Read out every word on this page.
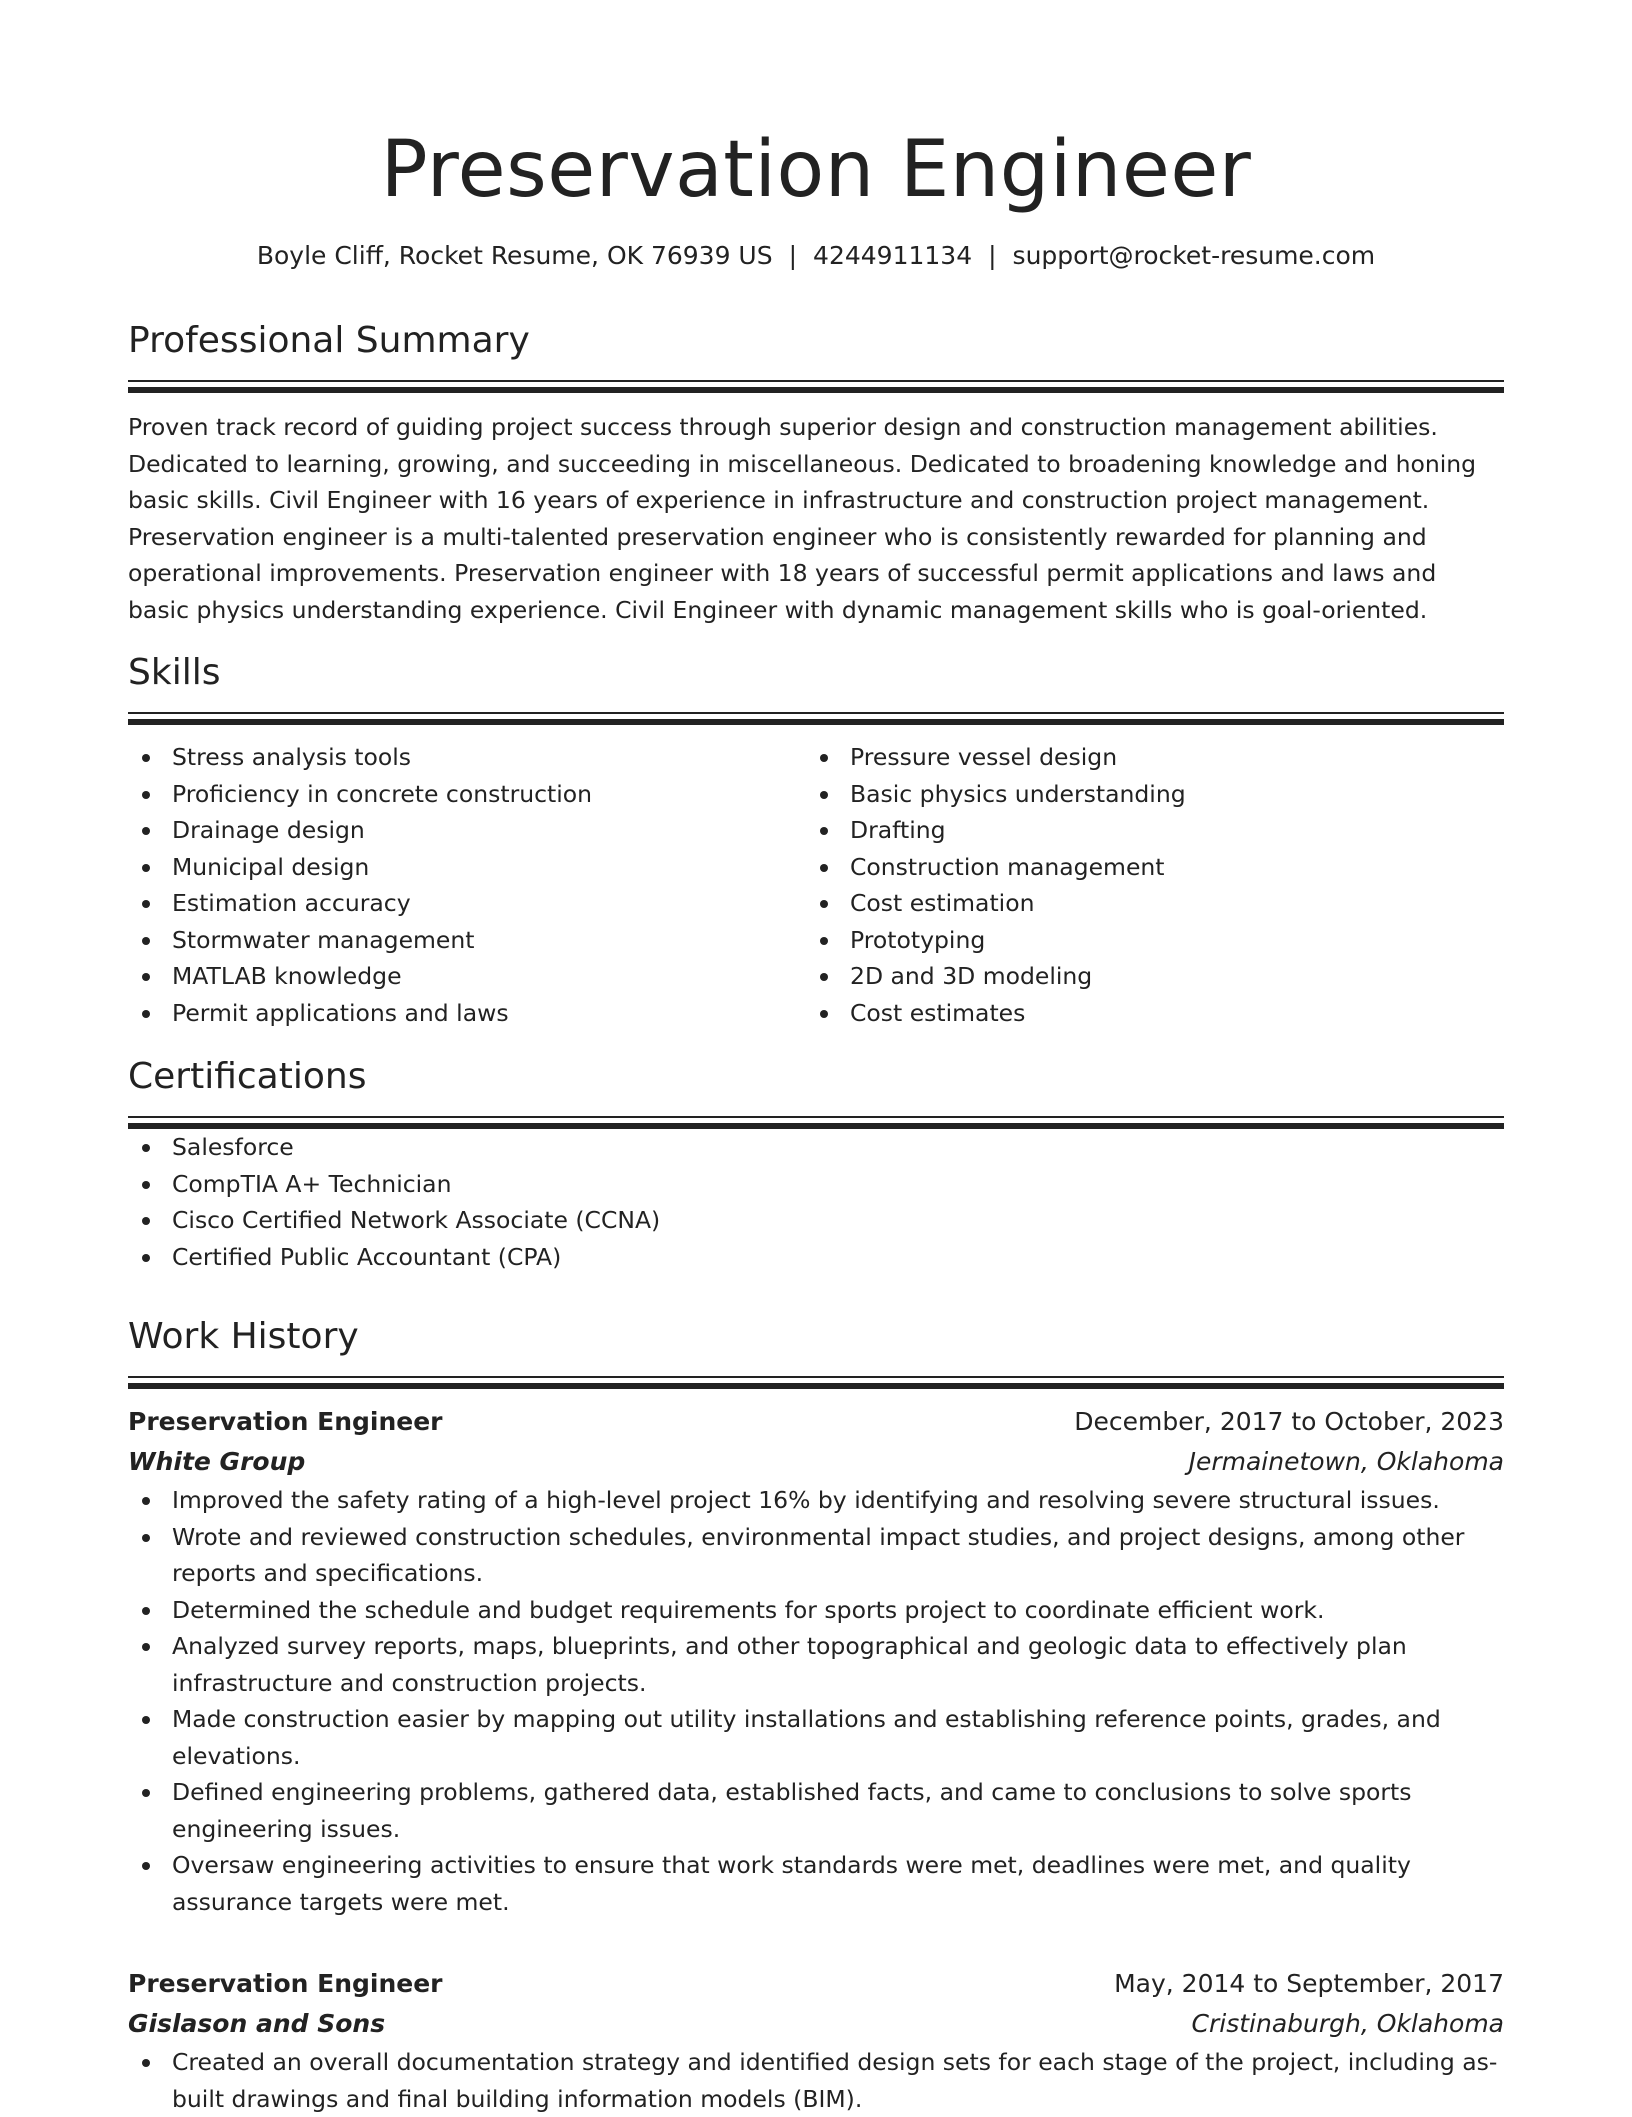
Preservation Engineer
Boyle Cliff, Rocket Resume, OK 76939 US | 4244911134 | support@rocket-resume.com
Professional Summary
Proven track record of guiding project success through superior design and construction management abilities. Dedicated to learning, growing, and succeeding in miscellaneous. Dedicated to broadening knowledge and honing basic skills. Civil Engineer with 16 years of experience in infrastructure and construction project management. Preservation engineer is a multi-talented preservation engineer who is consistently rewarded for planning and operational improvements. Preservation engineer with 18 years of successful permit applications and laws and basic physics understanding experience. Civil Engineer with dynamic management skills who is goal-oriented.
Skills
Stress analysis tools
Proficiency in concrete construction
Drainage design
Municipal design
Estimation accuracy
Stormwater management
MATLAB knowledge
Permit applications and laws
Pressure vessel design
Basic physics understanding
Drafting
Construction management
Cost estimation
Prototyping
2D and 3D modeling
Cost estimates
Certifications
Salesforce
CompTIA A+ Technician
Cisco Certified Network Associate (CCNA)
Certified Public Accountant (CPA)
Work History
Preservation Engineer	December, 2017 to October, 2023
White Group	Jermainetown, Oklahoma
Improved the safety rating of a high-level project 16% by identifying and resolving severe structural issues.
Wrote and reviewed construction schedules, environmental impact studies, and project designs, among other reports and specifications.
Determined the schedule and budget requirements for sports project to coordinate efficient work.
Analyzed survey reports, maps, blueprints, and other topographical and geologic data to effectively plan infrastructure and construction projects.
Made construction easier by mapping out utility installations and establishing reference points, grades, and elevations.
Defined engineering problems, gathered data, established facts, and came to conclusions to solve sports engineering issues.
Oversaw engineering activities to ensure that work standards were met, deadlines were met, and quality assurance targets were met.
Preservation Engineer	May, 2014 to September, 2017
Gislason and Sons	Cristinaburgh, Oklahoma
Created an overall documentation strategy and identified design sets for each stage of the project, including as-built drawings and final building information models (BIM).
